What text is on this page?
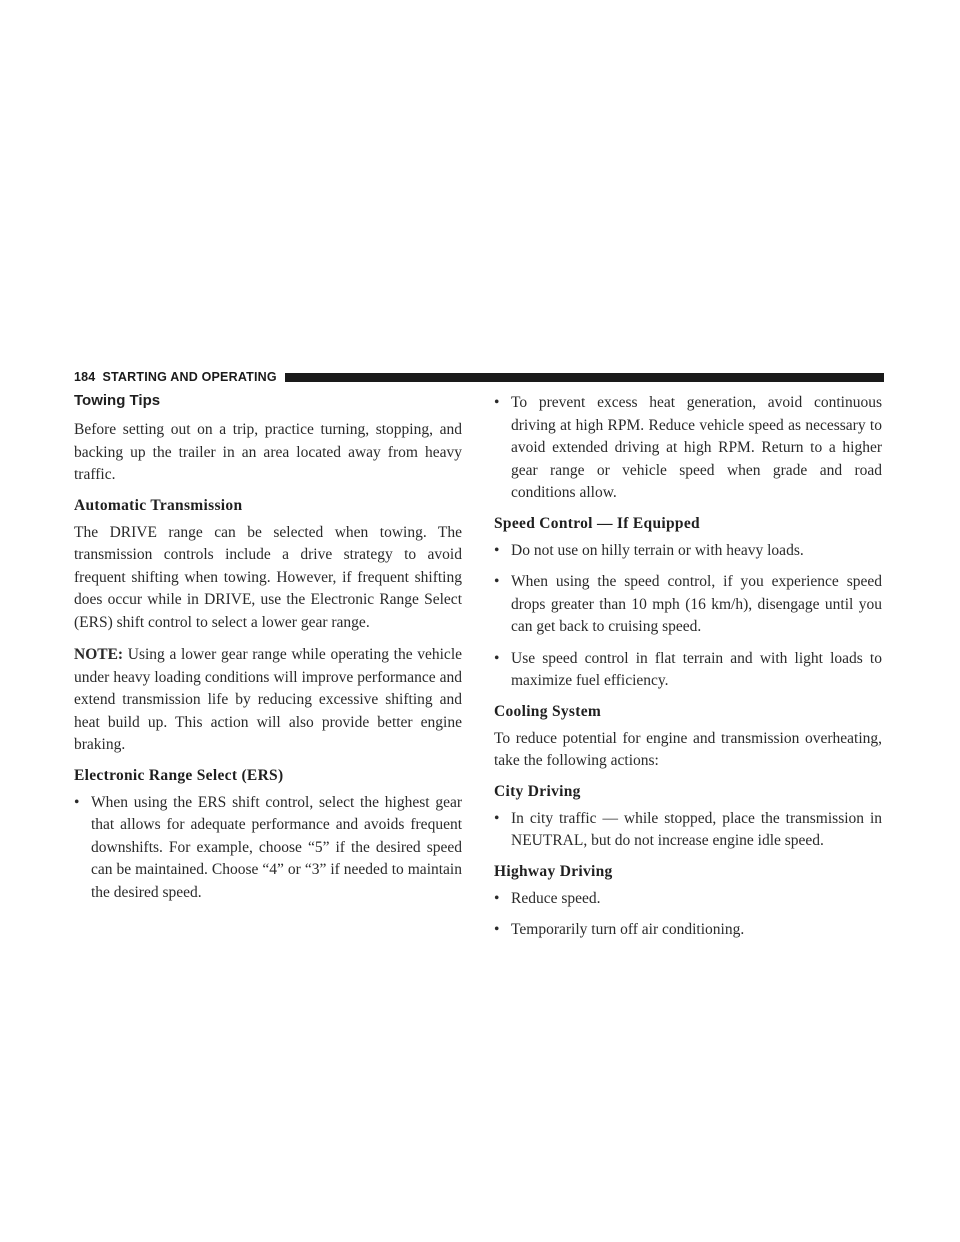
184 STARTING AND OPERATING
Towing Tips

Before setting out on a trip, practice turning, stopping, and backing up the trailer in an area located away from heavy traffic.

Automatic Transmission

The DRIVE range can be selected when towing. The transmission controls include a drive strategy to avoid frequent shifting when towing. However, if frequent shifting does occur while in DRIVE, use the Electronic Range Select (ERS) shift control to select a lower gear range.

NOTE: Using a lower gear range while operating the vehicle under heavy loading conditions will improve performance and extend transmission life by reducing excessive shifting and heat build up. This action will also provide better engine braking.

Electronic Range Select (ERS)
• When using the ERS shift control, select the highest gear that allows for adequate performance and avoids frequent downshifts. For example, choose “5” if the desired speed can be maintained. Choose “4” or “3” if needed to maintain the desired speed.
• To prevent excess heat generation, avoid continuous driving at high RPM. Reduce vehicle speed as necessary to avoid extended driving at high RPM. Return to a higher gear range or vehicle speed when grade and road conditions allow.
Speed Control — If Equipped
• Do not use on hilly terrain or with heavy loads.
• When using the speed control, if you experience speed drops greater than 10 mph (16 km/h), disengage until you can get back to cruising speed.
• Use speed control in flat terrain and with light loads to maximize fuel efficiency.
Cooling System

To reduce potential for engine and transmission overheating, take the following actions:

City Driving
• In city traffic — while stopped, place the transmission in NEUTRAL, but do not increase engine idle speed.
Highway Driving
• Reduce speed.
• Temporarily turn off air conditioning.
